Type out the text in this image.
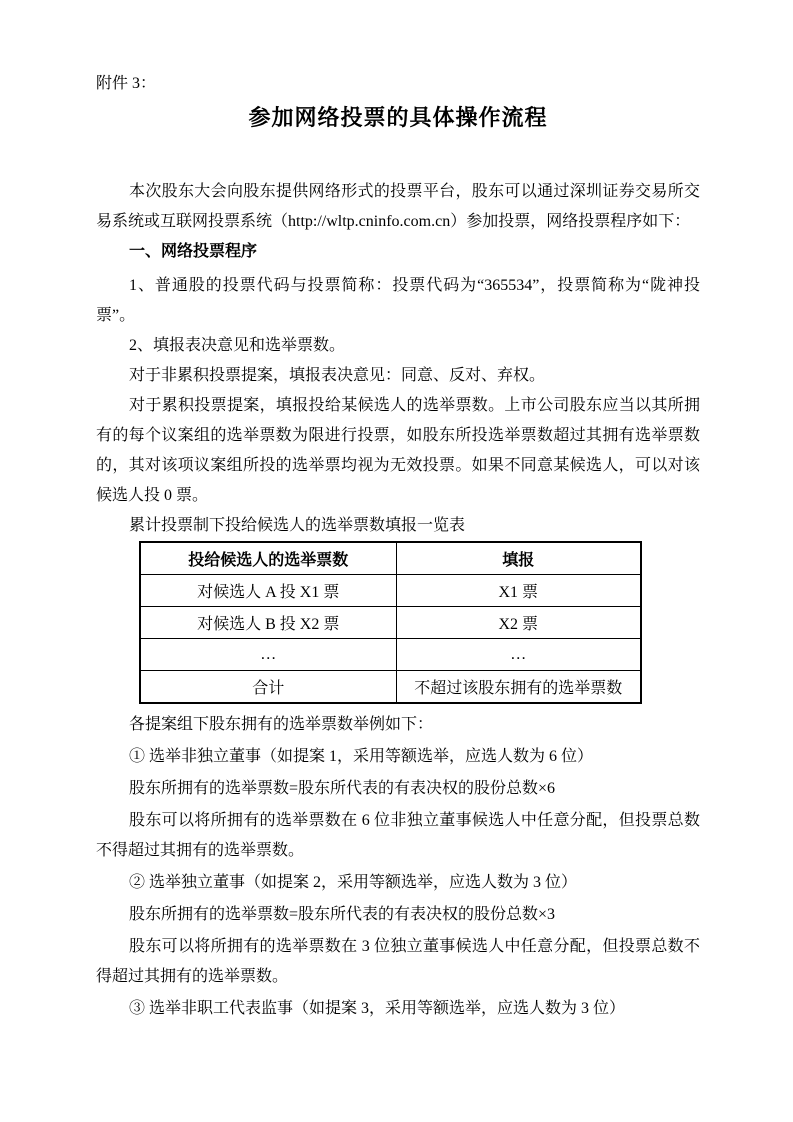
附件 3：

参加网络投票的具体操作流程

本次股东大会向股东提供网络形式的投票平台，股东可以通过深圳证券交易所交易系统或互联网投票系统（http://wltp.cninfo.com.cn）参加投票，网络投票程序如下：

一、网络投票程序

1、普通股的投票代码与投票简称：投票代码为“365534”，投票简称为“陇神投票”。

2、填报表决意见和选举票数。

对于非累积投票提案，填报表决意见：同意、反对、弃权。

对于累积投票提案，填报投给某候选人的选举票数。上市公司股东应当以其所拥有的每个议案组的选举票数为限进行投票，如股东所投选举票数超过其拥有选举票数的，其对该项议案组所投的选举票均视为无效投票。如果不同意某候选人，可以对该候选人投 0 票。

累计投票制下投给候选人的选举票数填报一览表

投给候选人的选举票数	填报
对候选人 A 投 X1 票	X1 票
对候选人 B 投 X2 票	X2 票
…	…
合计	不超过该股东拥有的选举票数

各提案组下股东拥有的选举票数举例如下：

① 选举非独立董事（如提案 1，采用等额选举，应选人数为 6 位）

股东所拥有的选举票数=股东所代表的有表决权的股份总数×6

股东可以将所拥有的选举票数在 6 位非独立董事候选人中任意分配，但投票总数不得超过其拥有的选举票数。

② 选举独立董事（如提案 2，采用等额选举，应选人数为 3 位）

股东所拥有的选举票数=股东所代表的有表决权的股份总数×3

股东可以将所拥有的选举票数在 3 位独立董事候选人中任意分配，但投票总数不得超过其拥有的选举票数。

③ 选举非职工代表监事（如提案 3，采用等额选举，应选人数为 3 位）
